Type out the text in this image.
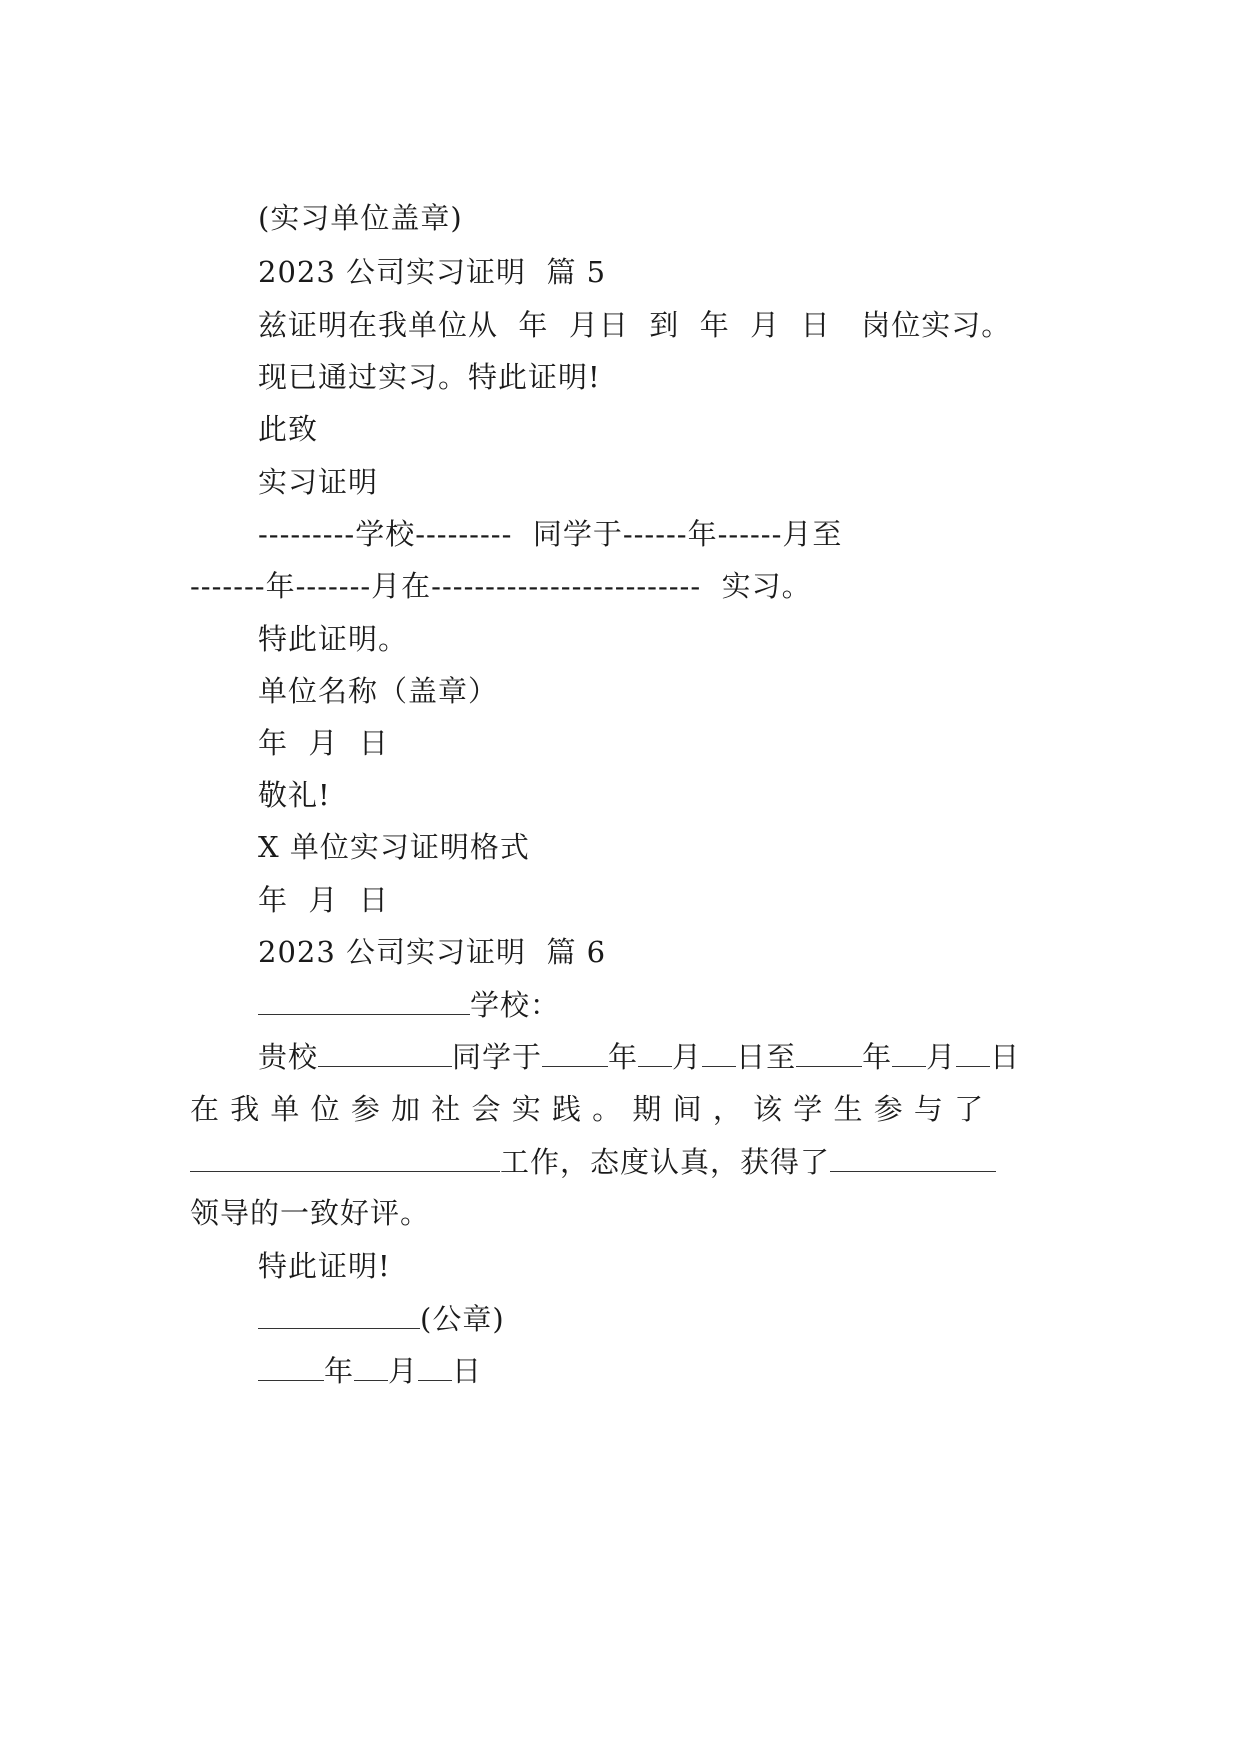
(实习单位盖章)
2023 公司实习证明  篇 5
兹证明在我单位从  年  月日  到  年  月  日   岗位实习。
现已通过实习。特此证明!
此致
实习证明
---------学校---------  同学于------年------月至
-------年-------月在-------------------------  实习。
特此证明。
单位名称（盖章）
年  月  日
敬礼!
X 单位实习证明格式
年  月  日
2023 公司实习证明  篇 6
学校：
贵校	同学于 年 月 日至 年 月 日
在 我 单 位 参 加 社 会 实 践 。 期 间 ， 该 学 生 参 与 了
工作，态度认真，获得了
领导的一致好评。
特此证明!
(公章)
年 月 日
